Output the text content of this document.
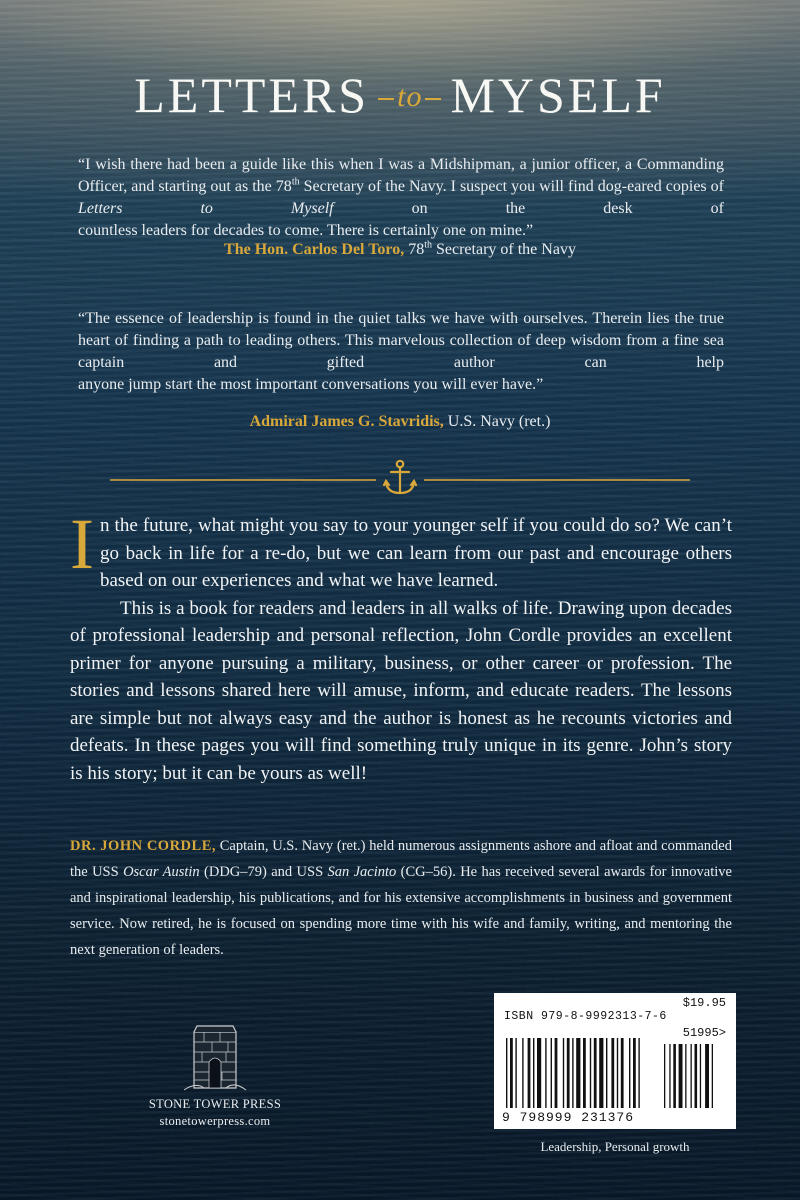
LETTERS to MYSELF
“I wish there had been a guide like this when I was a Midshipman, a junior officer, a Commanding Officer, and starting out as the 78th Secretary of the Navy. I suspect you will find dog-eared copies of Letters to Myself on the desk of
countless leaders for decades to come. There is certainly one on mine.”
The Hon. Carlos Del Toro, 78th Secretary of the Navy
“The essence of leadership is found in the quiet talks we have with ourselves. Therein lies the true heart of finding a path to leading others. This marvelous collection of deep wisdom from a fine sea captain and gifted author can help
anyone jump start the most important conversations you will ever have.”
Admiral James G. Stavridis, U.S. Navy (ret.)

In the future, what might you say to your younger self if you could do so? We can’t go back in life for a re-do, but we can learn from our past and encourage others based on our experiences and what we have learned.

This is a book for readers and leaders in all walks of life. Drawing upon decades of professional leadership and personal reflection, John Cordle provides an excellent primer for anyone pursuing a military, business, or other career or profession. The stories and lessons shared here will amuse, inform, and educate readers. The lessons are simple but not always easy and the author is honest as he recounts victories and defeats. In these pages you will find something truly unique in its genre. John’s story is his story; but it can be yours as well!

DR. JOHN CORDLE, Captain, U.S. Navy (ret.) held numerous assignments ashore and afloat and commanded the USS Oscar Austin (DDG–79) and USS San Jacinto (CG–56). He has received several awards for innovative and inspirational leadership, his publications, and for his extensive accomplishments in business and government service. Now retired, he is focused on spending more time with his wife and family, writing, and mentoring the next generation of leaders.
STONE TOWER PRESS
stonetowerpress.com
$19.95
ISBN 979-8-9992313-7-6
51995>
9 798999 231376
Leadership, Personal growth
